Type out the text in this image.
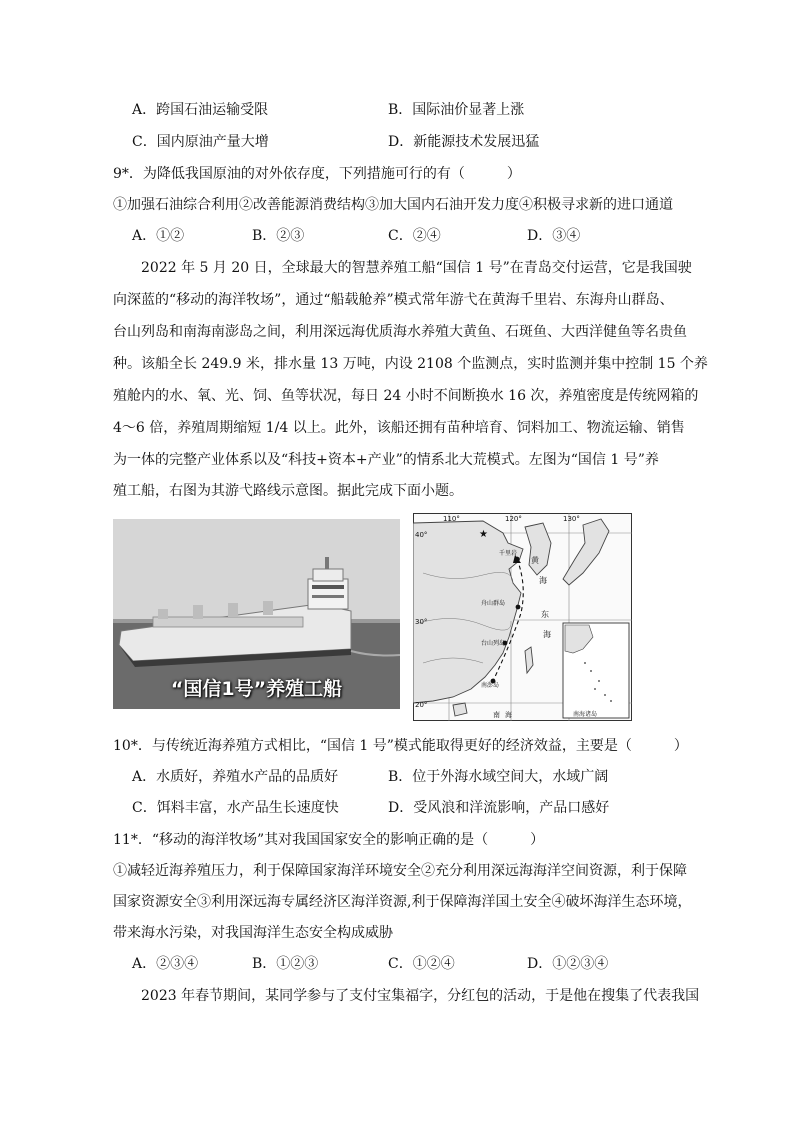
A．跨国石油运输受限	B．国际油价显著上涨
C．国内原油产量大增	D．新能源技术发展迅猛
9*．为降低我国原油的对外依存度，下列措施可行的有（　　　）
①加强石油综合利用②改善能源消费结构③加大国内石油开发力度④积极寻求新的进口通道
A．①②	B．②③	C．②④	D．③④
2022 年 5 月 20 日，全球最大的智慧养殖工船“国信 1 号”在青岛交付运营，它是我国驶
向深蓝的“移动的海洋牧场”，通过“船载舱养”模式常年游弋在黄海千里岩、东海舟山群岛、
台山列岛和南海南澎岛之间，利用深远海优质海水养殖大黄鱼、石斑鱼、大西洋健鱼等名贵鱼
种。该船全长 249.9 米，排水量 13 万吨，内设 2108 个监测点，实时监测并集中控制 15 个养
殖舱内的水、氧、光、饲、鱼等状况，每日 24 小时不间断换水 16 次，养殖密度是传统网箱的
4～6 倍，养殖周期缩短 1/4 以上。此外，该船还拥有苗种培育、饲料加工、物流运输、销售
为一体的完整产业体系以及“科技+资本+产业”的情系北大荒模式。左图为“国信 1 号”养
殖工船，右图为其游弋路线示意图。据此完成下面小题。
“国信1号”养殖工船
★
110°	120°	130°
40°
30°
20°
黄
海
千里岩
舟山群岛
东
海
台山列岛
南澎岛
南 海	南海诸岛
10*．与传统近海养殖方式相比，“国信 1 号”模式能取得更好的经济效益，主要是（　　　）
A．水质好，养殖水产品的品质好	B．位于外海水域空间大，水域广阔
C．饵料丰富，水产品生长速度快	D．受风浪和洋流影响，产品口感好
11*．“移动的海洋牧场”其对我国国家安全的影响正确的是（　　　）
①减轻近海养殖压力，利于保障国家海洋环境安全②充分利用深远海海洋空间资源，利于保障
国家资源安全③利用深远海专属经济区海洋资源,利于保障海洋国土安全④破坏海洋生态环境，
带来海水污染，对我国海洋生态安全构成威胁
A．②③④	B．①②③	C．①②④	D．①②③④
2023 年春节期间，某同学参与了支付宝集福字，分红包的活动，于是他在搜集了代表我国
